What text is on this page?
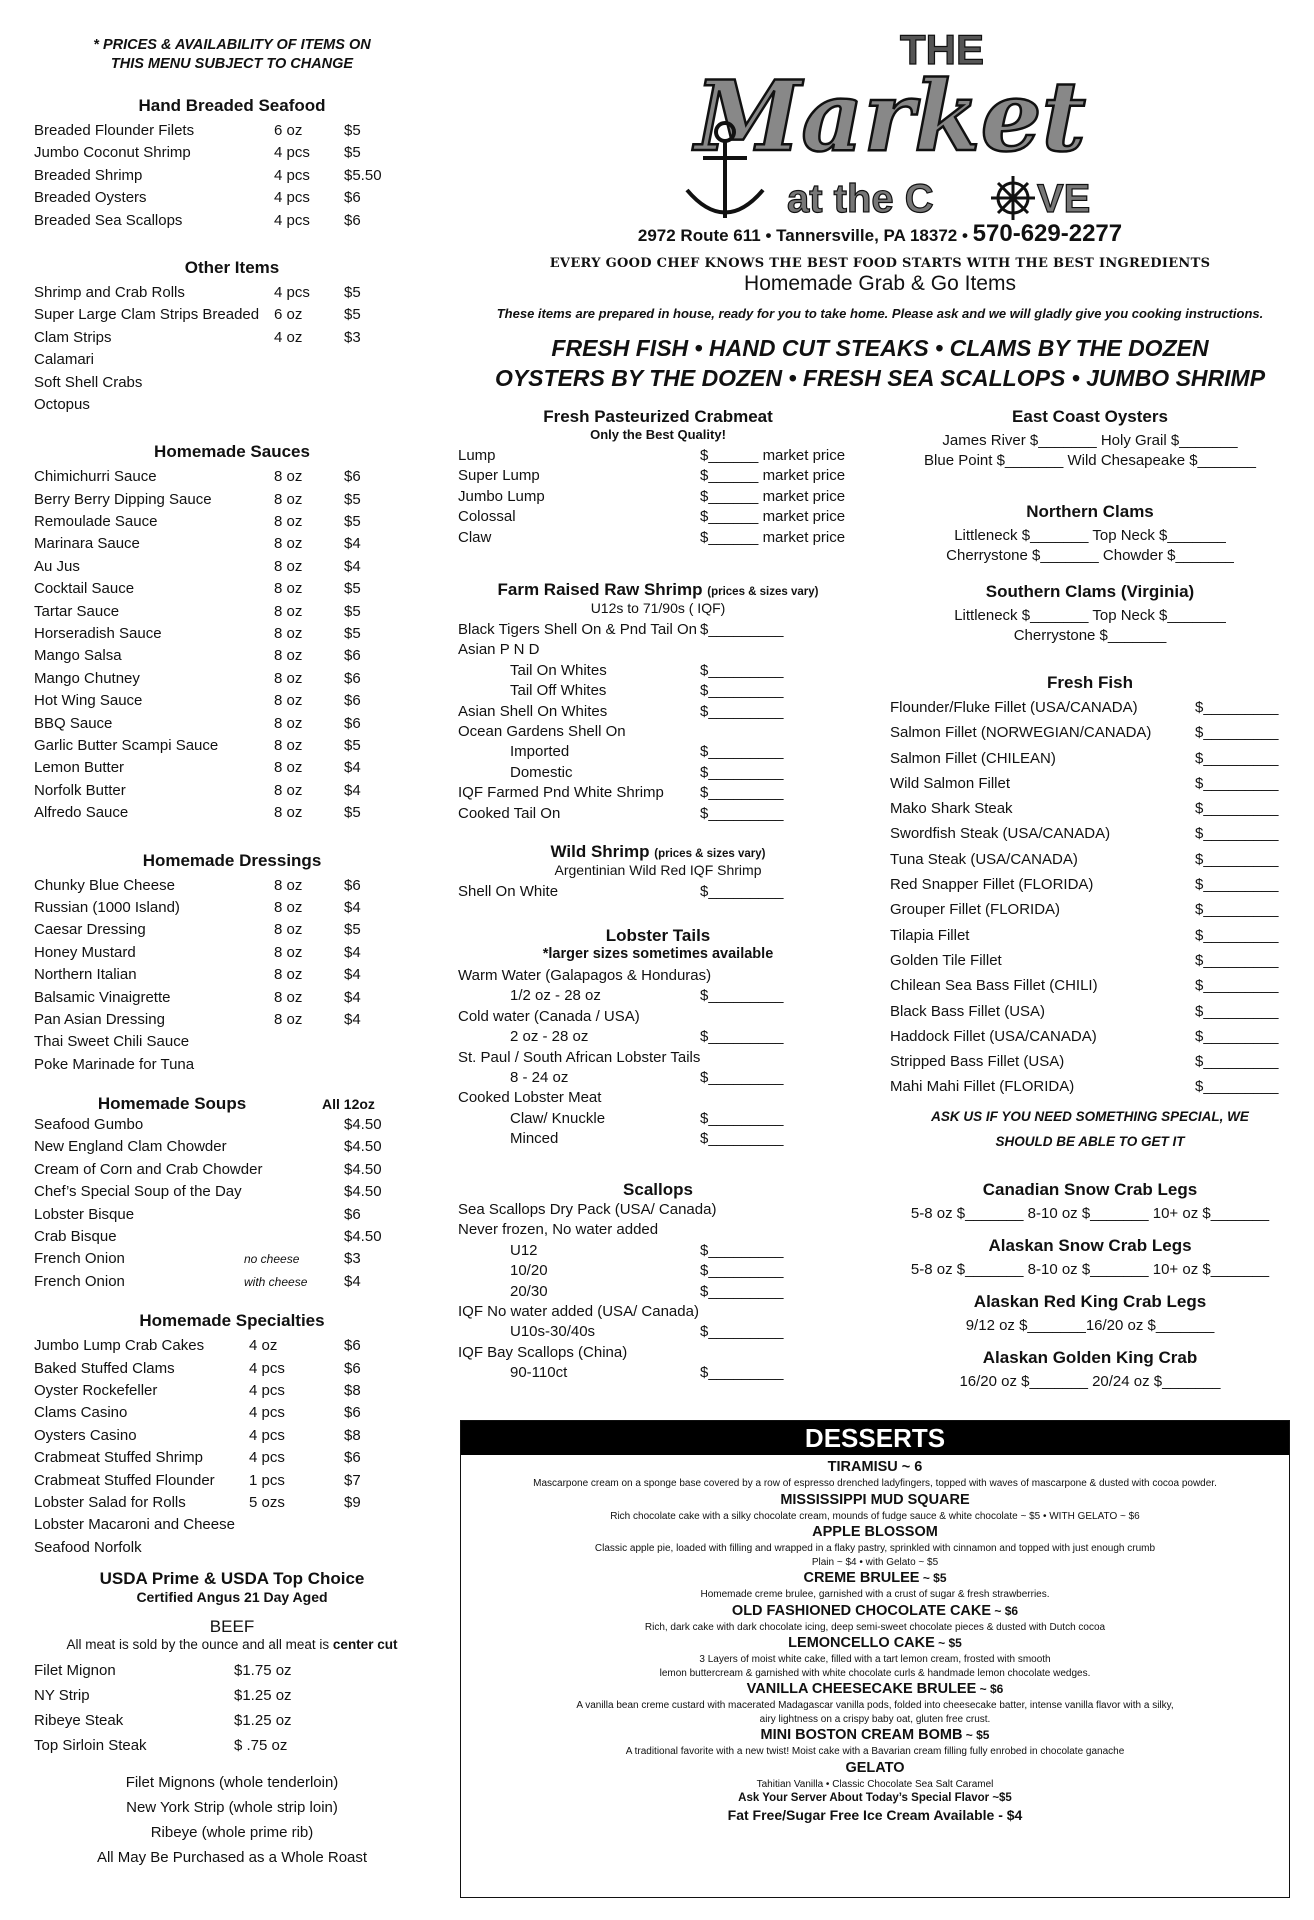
* PRICES & AVAILABILITY OF ITEMS ON
THIS MENU SUBJECT TO CHANGE
Hand Breaded Seafood
Breaded Flounder Filets	6 oz	$5
Jumbo Coconut Shrimp	4 pcs	$5
Breaded Shrimp	4 pcs	$5.50
Breaded Oysters	4 pcs	$6
Breaded Sea Scallops	4 pcs	$6
Other Items
Shrimp and Crab Rolls	4 pcs	$5
Super Large Clam Strips Breaded 6 oz	$5
Clam Strips	4 oz	$3
Calamari
Soft Shell Crabs
Octopus
Homemade Sauces
Chimichurri Sauce	8 oz	$6
Berry Berry Dipping Sauce	8 oz	$5
Remoulade Sauce	8 oz	$5
Marinara Sauce	8 oz	$4
Au Jus	8 oz	$4
Cocktail Sauce	8 oz	$5
Tartar Sauce	8 oz	$5
Horseradish Sauce	8 oz	$5
Mango Salsa	8 oz	$6
Mango Chutney	8 oz	$6
Hot Wing Sauce	8 oz	$6
BBQ Sauce	8 oz	$6
Garlic Butter Scampi Sauce	8 oz	$5
Lemon Butter	8 oz	$4
Norfolk Butter	8 oz	$4
Alfredo Sauce	8 oz	$5
Homemade Dressings
Chunky Blue Cheese	8 oz	$6
Russian (1000 Island)	8 oz	$4
Caesar Dressing	8 oz	$5
Honey Mustard	8 oz	$4
Northern Italian	8 oz	$4
Balsamic Vinaigrette	8 oz	$4
Pan Asian Dressing	8 oz	$4
Thai Sweet Chili Sauce
Poke Marinade for Tuna
Homemade Soups	All 12oz
Seafood Gumbo	$4.50
New England Clam Chowder	$4.50
Cream of Corn and Crab Chowder	$4.50
Chef’s Special Soup of the Day	$4.50
Lobster Bisque	$6
Crab Bisque	$4.50
French Onion	no cheese	$3
French Onion	with cheese	$4
Homemade Specialties
Jumbo Lump Crab Cakes	4 oz	$6
Baked Stuffed Clams	4 pcs	$6
Oyster Rockefeller	4 pcs	$8
Clams Casino	4 pcs	$6
Oysters Casino	4 pcs	$8
Crabmeat Stuffed Shrimp	4 pcs	$6
Crabmeat Stuffed Flounder	1 pcs	$7
Lobster Salad for Rolls	5 ozs	$9
Lobster Macaroni and Cheese
Seafood Norfolk
USDA Prime & USDA Top Choice
Certified Angus 21 Day Aged
BEEF
All meat is sold by the ounce and all meat is center cut
Filet Mignon	$1.75 oz
NY Strip	$1.25 oz
Ribeye Steak	$1.25 oz
Top Sirloin Steak	$ .75 oz
Filet Mignons (whole tenderloin)
New York Strip (whole strip loin)
Ribeye (whole prime rib)
All May Be Purchased as a Whole Roast
THE
Market
at the C	VE
2972 Route 611 • Tannersville, PA 18372 • 570-629-2277
EVERY GOOD CHEF KNOWS THE BEST FOOD STARTS WITH THE BEST INGREDIENTS
Homemade Grab & Go Items
These items are prepared in house, ready for you to take home. Please ask and we will gladly give you cooking instructions.
FRESH FISH • HAND CUT STEAKS • CLAMS BY THE DOZEN
OYSTERS BY THE DOZEN • FRESH SEA SCALLOPS • JUMBO SHRIMP
Fresh Pasteurized Crabmeat
Only the Best Quality!
Lump	$______ market price
Super Lump	$______ market price
Jumbo Lump	$______ market price
Colossal	$______ market price
Claw	$______ market price
Farm Raised Raw Shrimp (prices & sizes vary)
U12s to 71/90s ( IQF)
Black Tigers Shell On & Pnd Tail On $_________
Asian P N D
Tail On Whites	$_________
Tail Off Whites	$_________
Asian Shell On Whites	$_________
Ocean Gardens Shell On
Imported	$_________
Domestic	$_________
IQF Farmed Pnd White Shrimp	$_________
Cooked Tail On	$_________
Wild Shrimp (prices & sizes vary)
Argentinian Wild Red IQF Shrimp
Shell On White	$_________
Lobster Tails
*larger sizes sometimes available
Warm Water (Galapagos & Honduras)
1/2 oz - 28 oz	$_________
Cold water (Canada / USA)
2 oz - 28 oz	$_________
St. Paul / South African Lobster Tails
8 - 24 oz	$_________
Cooked Lobster Meat
Claw/ Knuckle	$_________
Minced	$_________
Scallops
Sea Scallops Dry Pack (USA/ Canada)
Never frozen, No water added
U12	$_________
10/20	$_________
20/30	$_________
IQF No water added (USA/ Canada)
U10s-30/40s	$_________
IQF Bay Scallops (China)
90-110ct	$_________
East Coast Oysters
James River $_______ Holy Grail $_______
Blue Point $_______ Wild Chesapeake $_______
Northern Clams
Littleneck $_______ Top Neck $_______
Cherrystone $_______ Chowder $_______
Southern Clams (Virginia)
Littleneck $_______ Top Neck $_______
Cherrystone $_______
Fresh Fish
Flounder/Fluke Fillet (USA/CANADA)	$_________
Salmon Fillet (NORWEGIAN/CANADA)	$_________
Salmon Fillet (CHILEAN)	$_________
Wild Salmon Fillet	$_________
Mako Shark Steak	$_________
Swordfish Steak (USA/CANADA)	$_________
Tuna Steak (USA/CANADA)	$_________
Red Snapper Fillet (FLORIDA)	$_________
Grouper Fillet (FLORIDA)	$_________
Tilapia Fillet	$_________
Golden Tile Fillet	$_________
Chilean Sea Bass Fillet (CHILI)	$_________
Black Bass Fillet (USA)	$_________
Haddock Fillet (USA/CANADA)	$_________
Stripped Bass Fillet (USA)	$_________
Mahi Mahi Fillet (FLORIDA)	$_________
ASK US IF YOU NEED SOMETHING SPECIAL, WE
SHOULD BE ABLE TO GET IT
Canadian Snow Crab Legs
5-8 oz $_______ 8-10 oz $_______ 10+ oz $_______
Alaskan Snow Crab Legs
5-8 oz $_______ 8-10 oz $_______ 10+ oz $_______
Alaskan Red King Crab Legs
9/12 oz $_______16/20 oz $_______
Alaskan Golden King Crab
16/20 oz $_______ 20/24 oz $_______
DESSERTS
TIRAMISU ~ 6
Mascarpone cream on a sponge base covered by a row of espresso drenched ladyfingers, topped with waves of mascarpone & dusted with cocoa powder.
MISSISSIPPI MUD SQUARE
Rich chocolate cake with a silky chocolate cream, mounds of fudge sauce & white chocolate ~ $5 • WITH GELATO ~ $6
APPLE BLOSSOM
Classic apple pie, loaded with filling and wrapped in a flaky pastry, sprinkled with cinnamon and topped with just enough crumb
Plain ~ $4 • with Gelato ~ $5
CREME BRULEE ~ $5
Homemade creme brulee, garnished with a crust of sugar & fresh strawberries.
OLD FASHIONED CHOCOLATE CAKE ~ $6
Rich, dark cake with dark chocolate icing, deep semi-sweet chocolate pieces & dusted with Dutch cocoa
LEMONCELLO CAKE ~ $5
3 Layers of moist white cake, filled with a tart lemon cream, frosted with smooth
lemon buttercream & garnished with white chocolate curls & handmade lemon chocolate wedges.
VANILLA CHEESECAKE BRULEE ~ $6
A vanilla bean creme custard with macerated Madagascar vanilla pods, folded into cheesecake batter, intense vanilla flavor with a silky,
airy lightness on a crispy baby oat, gluten free crust.
MINI BOSTON CREAM BOMB ~ $5
A traditional favorite with a new twist! Moist cake with a Bavarian cream filling fully enrobed in chocolate ganache
GELATO
Tahitian Vanilla • Classic Chocolate Sea Salt Caramel
Ask Your Server About Today’s Special Flavor ~$5
Fat Free/Sugar Free Ice Cream Available - $4
